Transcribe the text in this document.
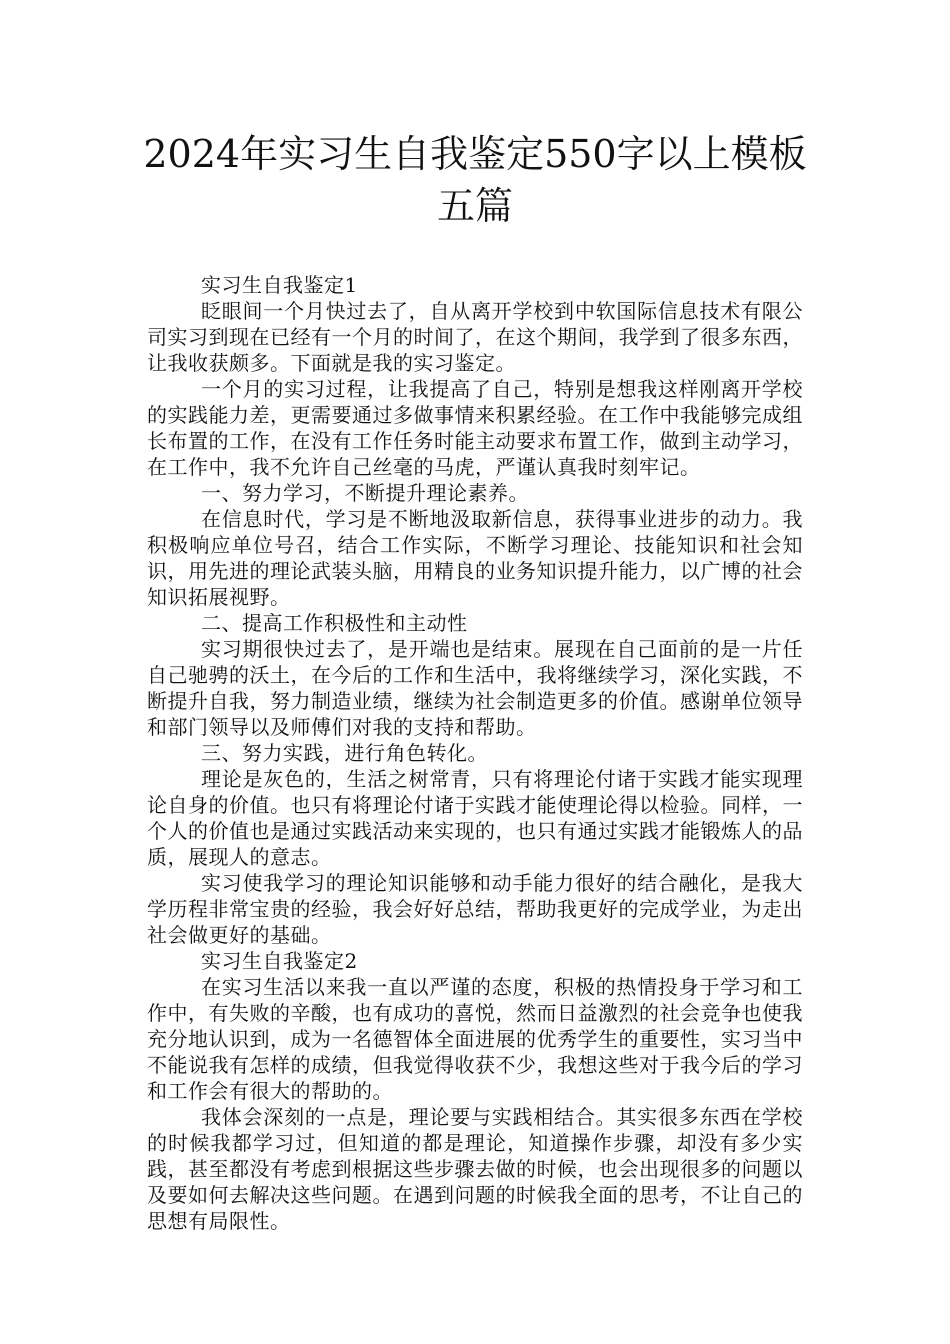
2024年实习生自我鉴定550字以上模板五篇

实习生自我鉴定1

眨眼间一个月快过去了，自从离开学校到中软国际信息技术有限公司实习到现在已经有一个月的时间了，在这个期间，我学到了很多东西，让我收获颇多。下面就是我的实习鉴定。

一个月的实习过程，让我提高了自己，特别是想我这样刚离开学校的实践能力差，更需要通过多做事情来积累经验。在工作中我能够完成组长布置的工作，在没有工作任务时能主动要求布置工作，做到主动学习，在工作中，我不允许自己丝毫的马虎，严谨认真我时刻牢记。

一、努力学习，不断提升理论素养。

在信息时代，学习是不断地汲取新信息，获得事业进步的动力。我积极响应单位号召，结合工作实际，不断学习理论、技能知识和社会知识，用先进的理论武装头脑，用精良的业务知识提升能力，以广博的社会知识拓展视野。

二、提高工作积极性和主动性

实习期很快过去了，是开端也是结束。展现在自己面前的是一片任自己驰骋的沃土，在今后的工作和生活中，我将继续学习，深化实践，不断提升自我，努力制造业绩，继续为社会制造更多的价值。感谢单位领导和部门领导以及师傅们对我的支持和帮助。

三、努力实践，进行角色转化。

理论是灰色的，生活之树常青，只有将理论付诸于实践才能实现理论自身的价值。也只有将理论付诸于实践才能使理论得以检验。同样，一个人的价值也是通过实践活动来实现的，也只有通过实践才能锻炼人的品质，展现人的意志。

实习使我学习的理论知识能够和动手能力很好的结合融化，是我大学历程非常宝贵的经验，我会好好总结，帮助我更好的完成学业，为走出社会做更好的基础。

实习生自我鉴定2

在实习生活以来我一直以严谨的态度，积极的热情投身于学习和工作中，有失败的辛酸，也有成功的喜悦，然而日益激烈的社会竞争也使我充分地认识到，成为一名德智体全面进展的优秀学生的重要性，实习当中不能说我有怎样的成绩，但我觉得收获不少，我想这些对于我今后的学习和工作会有很大的帮助的。

我体会深刻的一点是，理论要与实践相结合。其实很多东西在学校的时候我都学习过，但知道的都是理论，知道操作步骤，却没有多少实践，甚至都没有考虑到根据这些步骤去做的时候，也会出现很多的问题以及要如何去解决这些问题。在遇到问题的时候我全面的思考，不让自己的思想有局限性。
